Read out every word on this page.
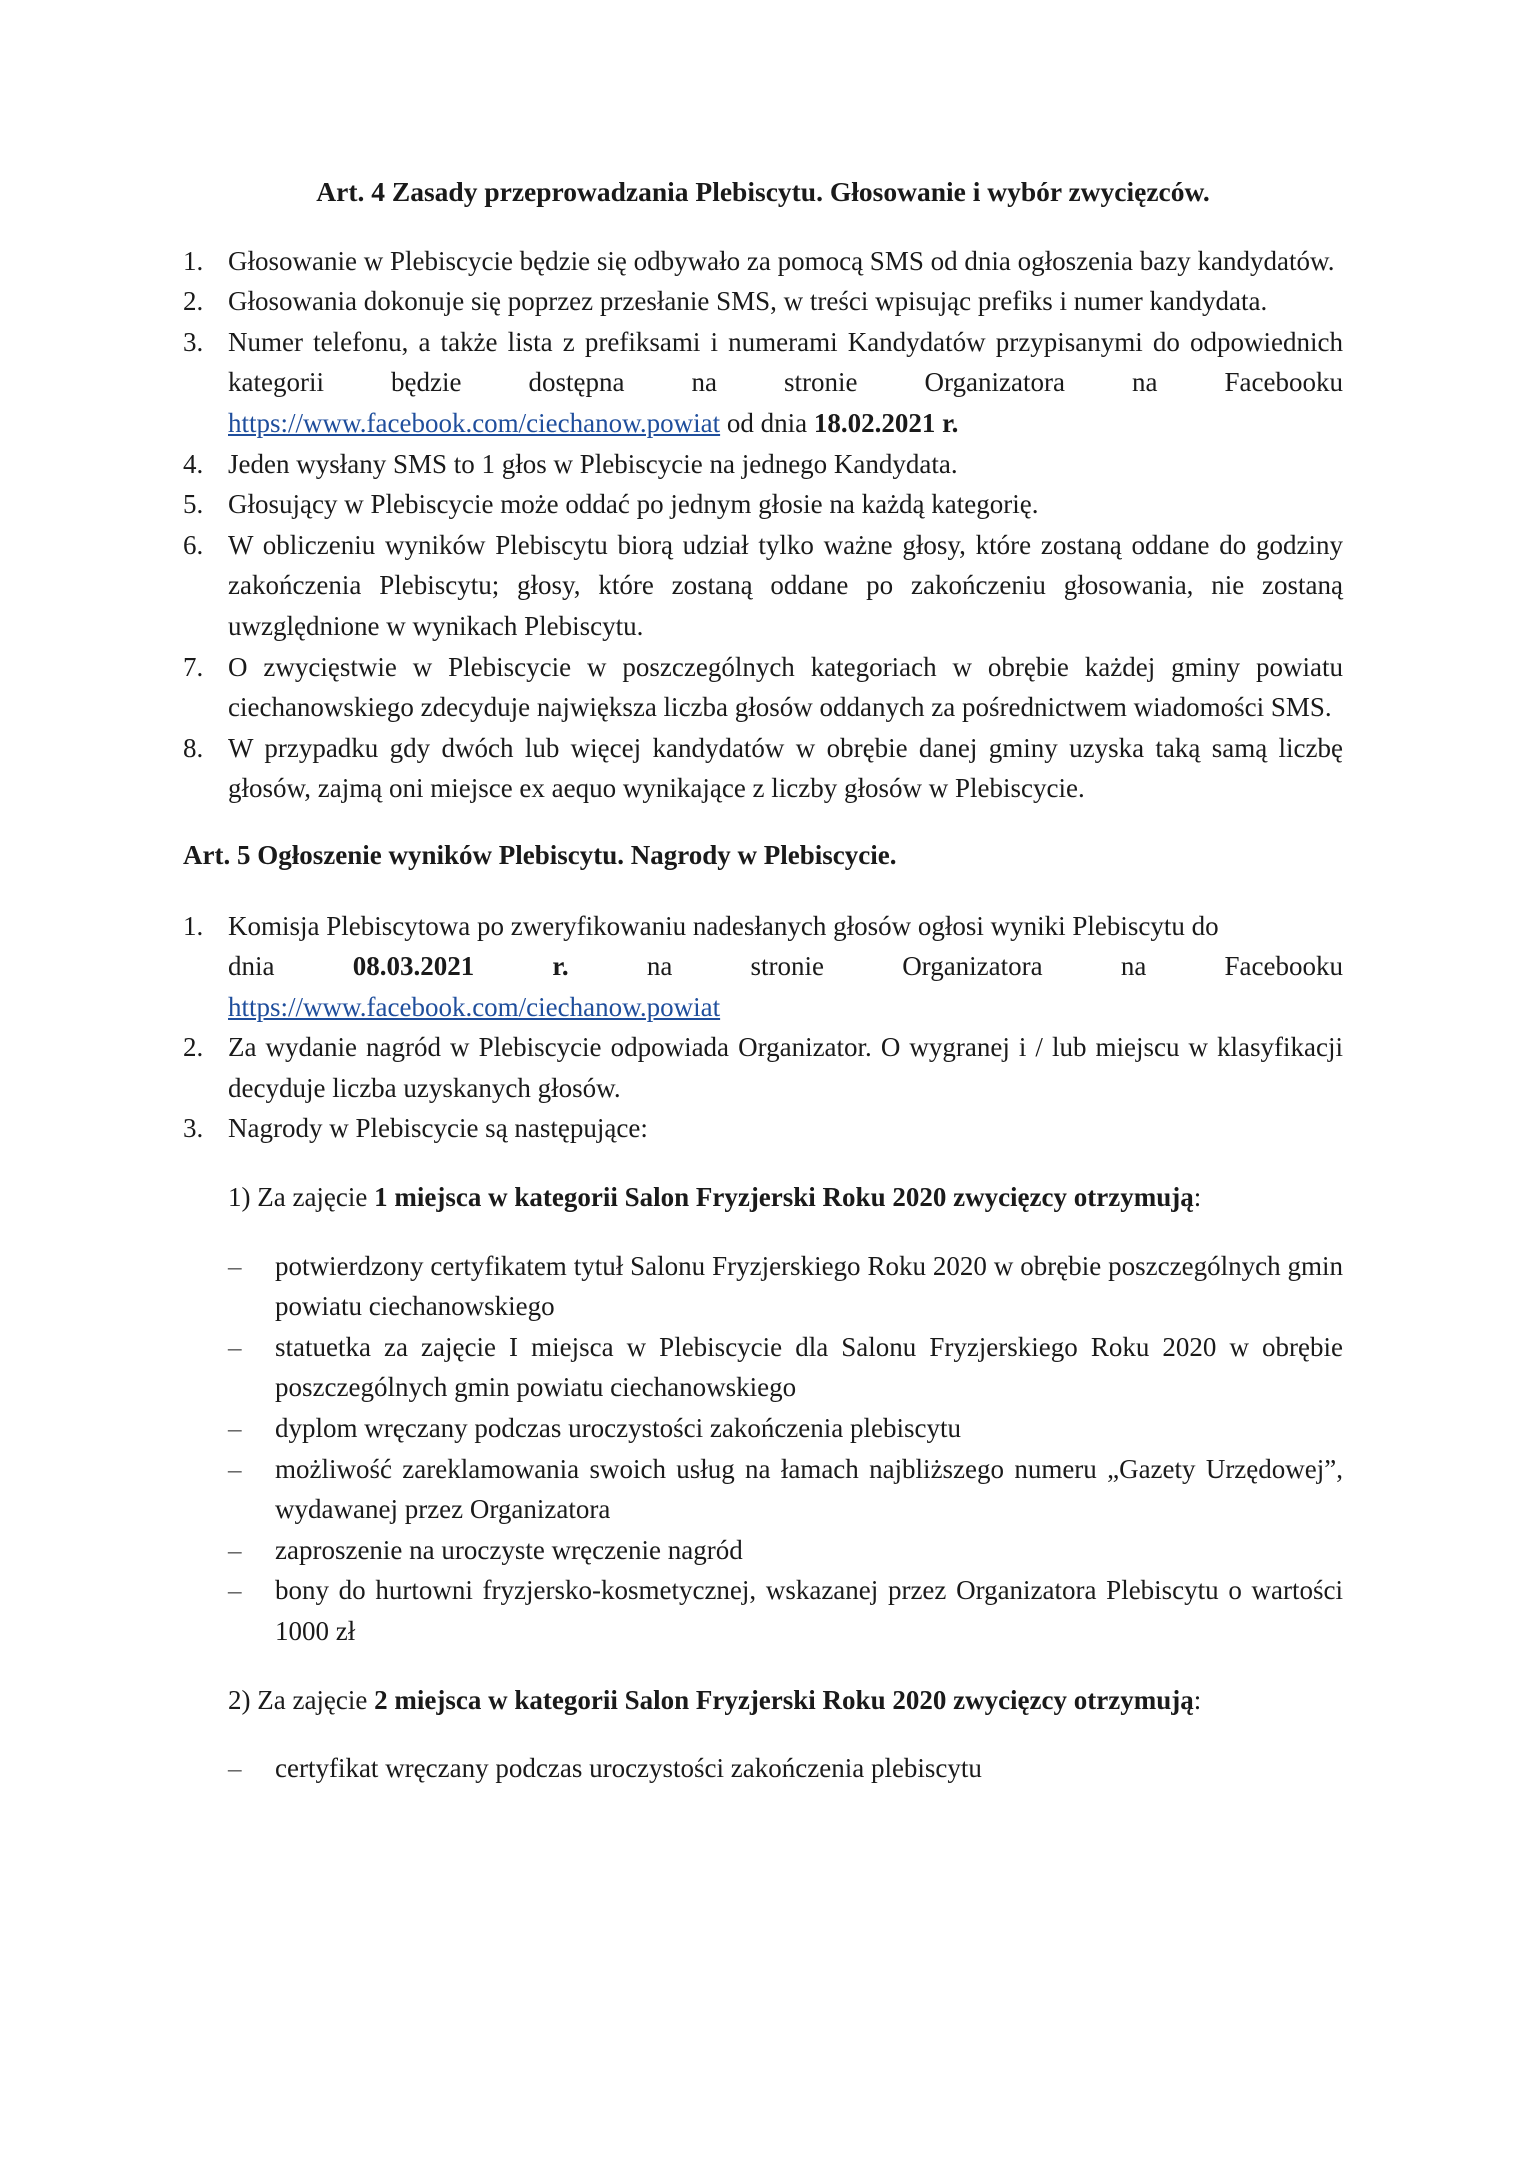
Art. 4 Zasady przeprowadzania Plebiscytu. Głosowanie i wybór zwycięzców.
1. Głosowanie w Plebiscycie będzie się odbywało za pomocą SMS od dnia ogłoszenia bazy kandydatów.
2. Głosowania dokonuje się poprzez przesłanie SMS, w treści wpisując prefiks i numer kandydata.
3. Numer telefonu, a także lista z prefiksami i numerami Kandydatów przypisanymi do odpowiednich kategorii będzie dostępna na stronie Organizatora na Facebooku https://www.facebook.com/ciechanow.powiat od dnia 18.02.2021 r.
4. Jeden wysłany SMS to 1 głos w Plebiscycie na jednego Kandydata.
5. Głosujący w Plebiscycie może oddać po jednym głosie na każdą kategorię.
6. W obliczeniu wyników Plebiscytu biorą udział tylko ważne głosy, które zostaną oddane do godziny zakończenia Plebiscytu; głosy, które zostaną oddane po zakończeniu głosowania, nie zostaną uwzględnione w wynikach Plebiscytu.
7. O zwycięstwie w Plebiscycie w poszczególnych kategoriach w obrębie każdej gminy powiatu ciechanowskiego zdecyduje największa liczba głosów oddanych za pośrednictwem wiadomości SMS.
8. W przypadku gdy dwóch lub więcej kandydatów w obrębie danej gminy uzyska taką samą liczbę głosów, zajmą oni miejsce ex aequo wynikające z liczby głosów w Plebiscycie.
Art. 5 Ogłoszenie wyników Plebiscytu. Nagrody w Plebiscycie.
1. Komisja Plebiscytowa po zweryfikowaniu nadesłanych głosów ogłosi wyniki Plebiscytu do
dnia	08.03.2021	r.	na	stronie	Organizatora	na	Facebooku
https://www.facebook.com/ciechanow.powiat
2. Za wydanie nagród w Plebiscycie odpowiada Organizator. O wygranej i / lub miejscu w klasyfikacji decyduje liczba uzyskanych głosów.
3. Nagrody w Plebiscycie są następujące:
1) Za zajęcie 1 miejsca w kategorii Salon Fryzjerski Roku 2020 zwycięzcy otrzymują:
– potwierdzony certyfikatem tytuł Salonu Fryzjerskiego Roku 2020 w obrębie poszczególnych gmin powiatu ciechanowskiego
– statuetka za zajęcie I miejsca w Plebiscycie dla Salonu Fryzjerskiego Roku 2020 w obrębie poszczególnych gmin powiatu ciechanowskiego
– dyplom wręczany podczas uroczystości zakończenia plebiscytu
– możliwość zareklamowania swoich usług na łamach najbliższego numeru „Gazety Urzędowej”, wydawanej przez Organizatora
– zaproszenie na uroczyste wręczenie nagród
– bony do hurtowni fryzjersko-kosmetycznej, wskazanej przez Organizatora Plebiscytu o wartości 1000 zł
2) Za zajęcie 2 miejsca w kategorii Salon Fryzjerski Roku 2020 zwycięzcy otrzymują:
– certyfikat wręczany podczas uroczystości zakończenia plebiscytu
